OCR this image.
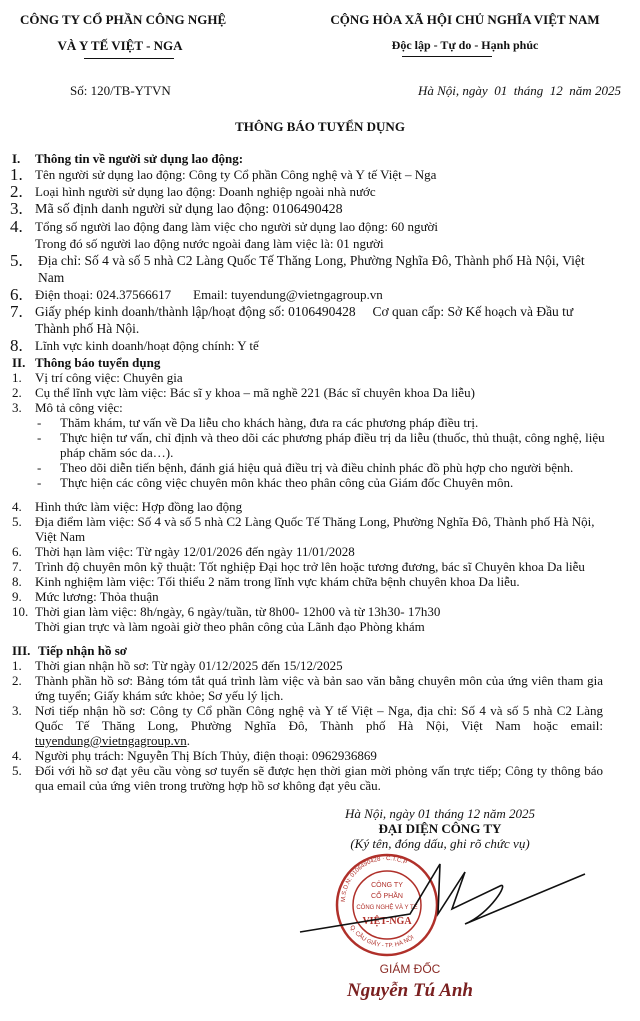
CÔNG TY CỔ PHẦN CÔNG NGHỆ
VÀ Y TẾ VIỆT - NGA
CỘNG HÒA XÃ HỘI CHỦ NGHĨA VIỆT NAM
Độc lập - Tự do - Hạnh phúc
Số: 120/TB-YTVN	Hà Nội, ngày  01  tháng  12  năm 2025
THÔNG BÁO TUYỂN DỤNG
I. Thông tin về người sử dụng lao động:
1. Tên người sử dụng lao động: Công ty Cổ phần Công nghệ và Y tế Việt – Nga
2. Loại hình người sử dụng lao động: Doanh nghiệp ngoài nhà nước
3. Mã số định danh người sử dụng lao động: 0106490428
4. Tổng số người lao động đang làm việc cho người sử dụng lao động: 60 người
Trong đó số người lao động nước ngoài đang làm việc là: 01 người
5. Địa chỉ: Số 4 và số 5 nhà C2 Làng Quốc Tế Thăng Long, Phường Nghĩa Đô, Thành phố Hà Nội, Việt Nam
6. Điện thoại: 024.37566617 Email: tuyendung@vietngagroup.vn
7. Giấy phép kinh doanh/thành lập/hoạt động số: 0106490428     Cơ quan cấp: Sở Kế hoạch và Đầu tư Thành phố Hà Nội.
8. Lĩnh vực kinh doanh/hoạt động chính: Y tế
II. Thông báo tuyển dụng
1. Vị trí công việc: Chuyên gia
2. Cụ thể lĩnh vực làm việc: Bác sĩ y khoa – mã nghề 221 (Bác sĩ chuyên khoa Da liễu)
3. Mô tả công việc:
- Thăm khám, tư vấn về Da liễu cho khách hàng, đưa ra các phương pháp điều trị.
- Thực hiện tư vấn, chỉ định và theo dõi các phương pháp điều trị da liễu (thuốc, thủ thuật, công nghệ, liệu pháp chăm sóc da…).
- Theo dõi diễn tiến bệnh, đánh giá hiệu quả điều trị và điều chỉnh phác đồ phù hợp cho người bệnh.
- Thực hiện các công việc chuyên môn khác theo phân công của Giám đốc Chuyên môn.
4. Hình thức làm việc: Hợp đồng lao động
5. Địa điểm làm việc: Số 4 và số 5 nhà C2 Làng Quốc Tế Thăng Long, Phường Nghĩa Đô, Thành phố Hà Nội, Việt Nam
6. Thời hạn làm việc: Từ ngày 12/01/2026 đến ngày 11/01/2028
7. Trình độ chuyên môn kỹ thuật: Tốt nghiệp Đại học trở lên hoặc tương đương, bác sĩ Chuyên khoa Da liễu
8. Kinh nghiệm làm việc: Tối thiểu 2 năm trong lĩnh vực khám chữa bệnh chuyên khoa Da liễu.
9. Mức lương: Thỏa thuận
10. Thời gian làm việc: 8h/ngày, 6 ngày/tuần, từ 8h00- 12h00 và từ 13h30- 17h30
Thời gian trực và làm ngoài giờ theo phân công của Lãnh đạo Phòng khám
III. Tiếp nhận hồ sơ
1. Thời gian nhận hồ sơ: Từ ngày 01/12/2025 đến 15/12/2025
2. Thành phần hồ sơ: Bảng tóm tắt quá trình làm việc và bản sao văn bằng chuyên môn của ứng viên tham gia ứng tuyển; Giấy khám sức khỏe; Sơ yếu lý lịch.
3. Nơi tiếp nhận hồ sơ: Công ty Cổ phần Công nghệ và Y tế Việt – Nga, địa chỉ: Số 4 và số 5 nhà C2 Làng Quốc Tế Thăng Long, Phường Nghĩa Đô, Thành phố Hà Nội, Việt Nam hoặc email: tuyendung@vietngagroup.vn.
4. Người phụ trách: Nguyễn Thị Bích Thủy, điện thoại: 0962936869
5. Đối với hồ sơ đạt yêu cầu vòng sơ tuyển sẽ được hẹn thời gian mời phỏng vấn trực tiếp; Công ty thông báo qua email của ứng viên trong trường hợp hồ sơ không đạt yêu cầu.
Hà Nội, ngày 01 tháng 12 năm 2025
ĐẠI DIỆN CÔNG TY
(Ký tên, đóng dấu, ghi rõ chức vụ)
CÔNG TY
CỔ PHẦN
CÔNG NGHỆ VÀ Y TẾ
VIỆT-NGA
M.S.D.N: 0106490428 · C.T.C.P
Q. CẦU GIẤY - TP. HÀ NỘI
GIÁM ĐỐC
Nguyễn Tú Anh
